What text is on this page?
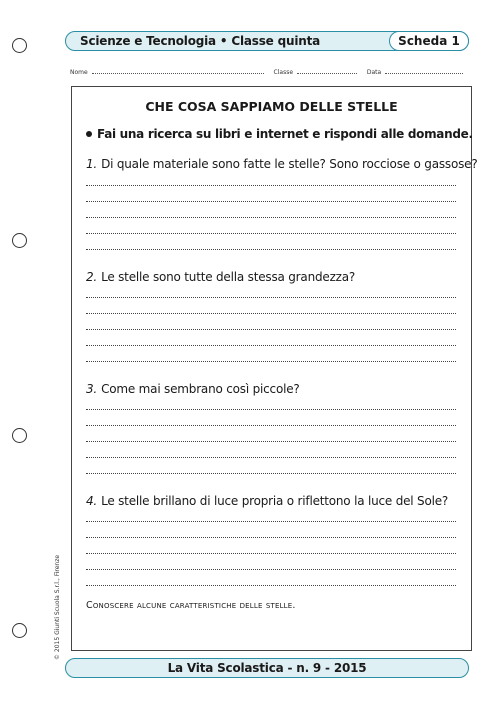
Scienze e Tecnologia • Classe quinta	Scheda 1
Nome	Classe	Data
CHE COSA SAPPIAMO DELLE STELLE
Fai una ricerca su libri e internet e rispondi alle domande.
1. Di quale materiale sono fatte le stelle? Sono rocciose o gassose?
2. Le stelle sono tutte della stessa grandezza?
3. Come mai sembrano così piccole?
4. Le stelle brillano di luce propria o riflettono la luce del Sole?
Conoscere alcune caratteristiche delle stelle.
© 2015 Giunti Scuola S.r.l., Firenze
La Vita Scolastica - n. 9 - 2015
